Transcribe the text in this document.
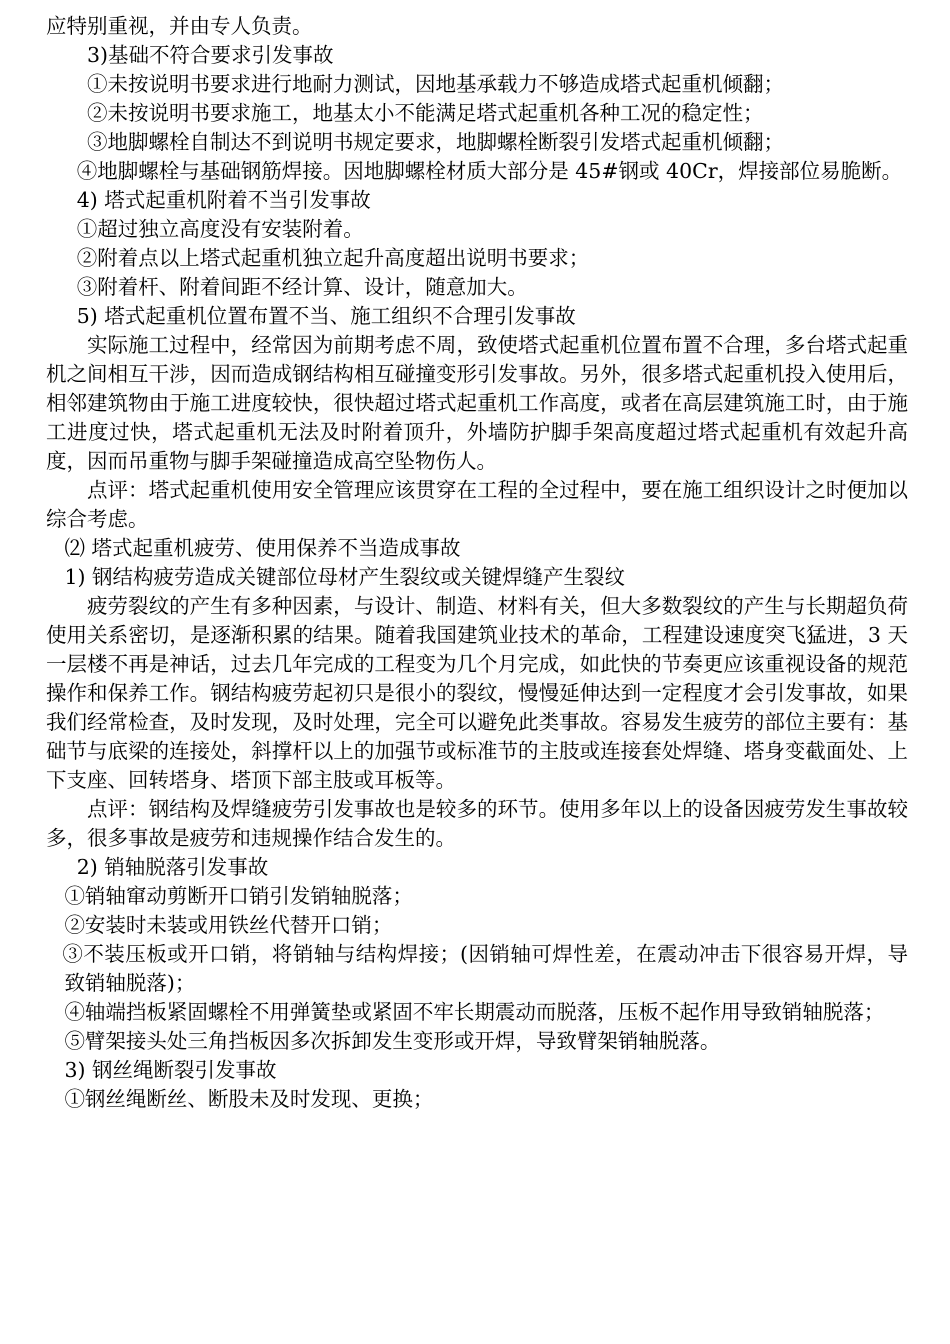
应特别重视，并由专人负责。

3)基础不符合要求引发事故

①未按说明书要求进行地耐力测试，因地基承载力不够造成塔式起重机倾翻；

②未按说明书要求施工，地基太小不能满足塔式起重机各种工况的稳定性；

③地脚螺栓自制达不到说明书规定要求，地脚螺栓断裂引发塔式起重机倾翻；

④地脚螺栓与基础钢筋焊接。因地脚螺栓材质大部分是 45#钢或 40Cr，焊接部位易脆断。

4) 塔式起重机附着不当引发事故

①超过独立高度没有安装附着。

②附着点以上塔式起重机独立起升高度超出说明书要求；

③附着杆、附着间距不经计算、设计，随意加大。

5) 塔式起重机位置布置不当、施工组织不合理引发事故

实际施工过程中，经常因为前期考虑不周，致使塔式起重机位置布置不合理，多台塔式起重机之间相互干涉，因而造成钢结构相互碰撞变形引发事故。另外，很多塔式起重机投入使用后，相邻建筑物由于施工进度较快，很快超过塔式起重机工作高度，或者在高层建筑施工时，由于施工进度过快，塔式起重机无法及时附着顶升，外墙防护脚手架高度超过塔式起重机有效起升高度，因而吊重物与脚手架碰撞造成高空坠物伤人。

点评：塔式起重机使用安全管理应该贯穿在工程的全过程中，要在施工组织设计之时便加以综合考虑。

⑵ 塔式起重机疲劳、使用保养不当造成事故

1) 钢结构疲劳造成关键部位母材产生裂纹或关键焊缝产生裂纹

疲劳裂纹的产生有多种因素，与设计、制造、材料有关，但大多数裂纹的产生与长期超负荷使用关系密切，是逐渐积累的结果。随着我国建筑业技术的革命，工程建设速度突飞猛进，3 天一层楼不再是神话，过去几年完成的工程变为几个月完成，如此快的节奏更应该重视设备的规范操作和保养工作。钢结构疲劳起初只是很小的裂纹，慢慢延伸达到一定程度才会引发事故，如果我们经常检查，及时发现，及时处理，完全可以避免此类事故。容易发生疲劳的部位主要有：基础节与底梁的连接处，斜撑杆以上的加强节或标准节的主肢或连接套处焊缝、塔身变截面处、上下支座、回转塔身、塔顶下部主肢或耳板等。

点评：钢结构及焊缝疲劳引发事故也是较多的环节。使用多年以上的设备因疲劳发生事故较多，很多事故是疲劳和违规操作结合发生的。

2) 销轴脱落引发事故

①销轴窜动剪断开口销引发销轴脱落；

②安装时未装或用铁丝代替开口销；

③不装压板或开口销，将销轴与结构焊接；(因销轴可焊性差，在震动冲击下很容易开焊，导致销轴脱落)；

④轴端挡板紧固螺栓不用弹簧垫或紧固不牢长期震动而脱落，压板不起作用导致销轴脱落；

⑤臂架接头处三角挡板因多次拆卸发生变形或开焊，导致臂架销轴脱落。

3) 钢丝绳断裂引发事故

①钢丝绳断丝、断股未及时发现、更换；
